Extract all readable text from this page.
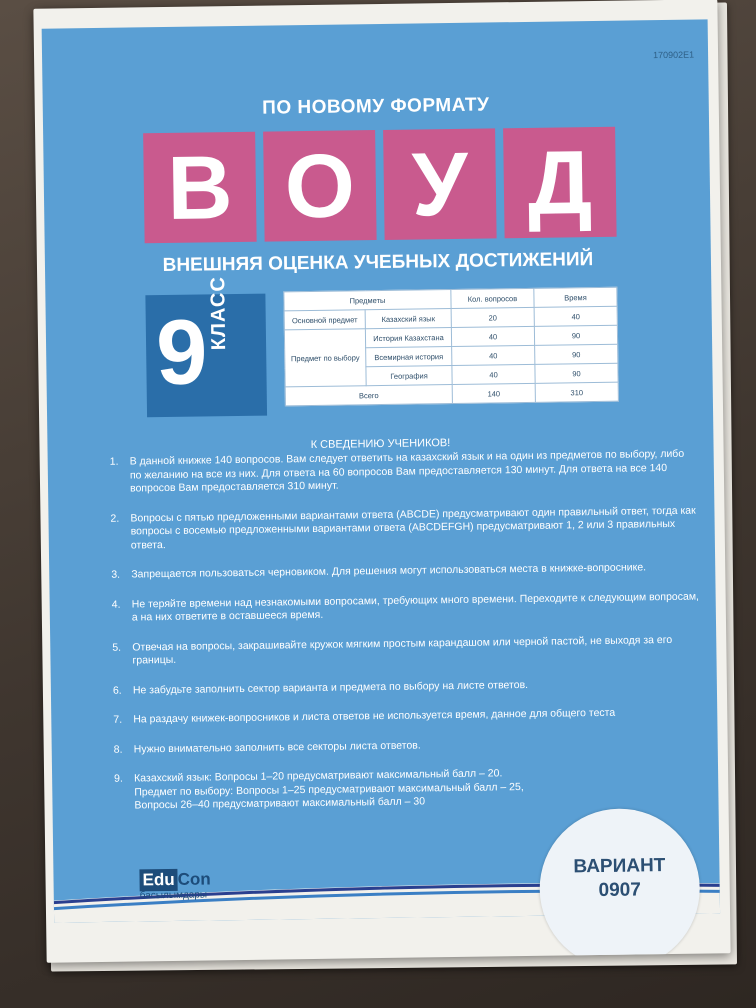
170902E1
ПО НОВОМУ ФОРМАТУ
В О У Д
ВНЕШНЯЯ ОЦЕНКА УЧЕБНЫХ ДОСТИЖЕНИЙ
9 КЛАСС	Предметы		Кол. вопросов	Время
Основной предмет	Казахский язык	20	40
Предмет по выбору	История Казахстана	40	90
	Всемирная история	40	90
	География	40	90
Всего		140	310
К СВЕДЕНИЮ УЧЕНИКОВ!
1. В данной книжке 140 вопросов. Вам следует ответить на казахский язык и на один из предметов по выбору, либо по желанию на все из них. Для ответа на 60 вопросов Вам предоставляется 130 минут. Для ответа на все 140 вопросов Вам предоставляется 310 минут.
2. Вопросы с пятью предложенными вариантами ответа (ABCDE) предусматривают один правильный ответ, тогда как вопросы с восемью предложенными вариантами ответа (ABCDEFGH) предусматривают 1, 2 или 3 правильных ответа.
3. Запрещается пользоваться черновиком. Для решения могут использоваться места в книжке-вопроснике.
4. Не теряйте времени над незнакомыми вопросами, требующих много времени. Переходите к следующим вопросам, а на них ответите в оставшееся время.
5. Отвечая на вопросы, закрашивайте кружок мягким простым карандашом или черной пастой, не выходя за его границы.
6. Не забудьте заполнить сектор варианта и предмета по выбору на листе ответов.
7. На раздачу книжек-вопросников и листа ответов не используется время, данное для общего теста
8. Нужно внимательно заполнить все секторы листа ответов.
9. Казахский язык: Вопросы 1–20 предусматривают максимальный балл – 20. Предмет по выбору: Вопросы 1–25 предусматривают максимальный балл – 25, Вопросы 26–40 предусматривают максимальный балл – 30
Edu Con
басылымдары
ВАРИАНТ
0907
